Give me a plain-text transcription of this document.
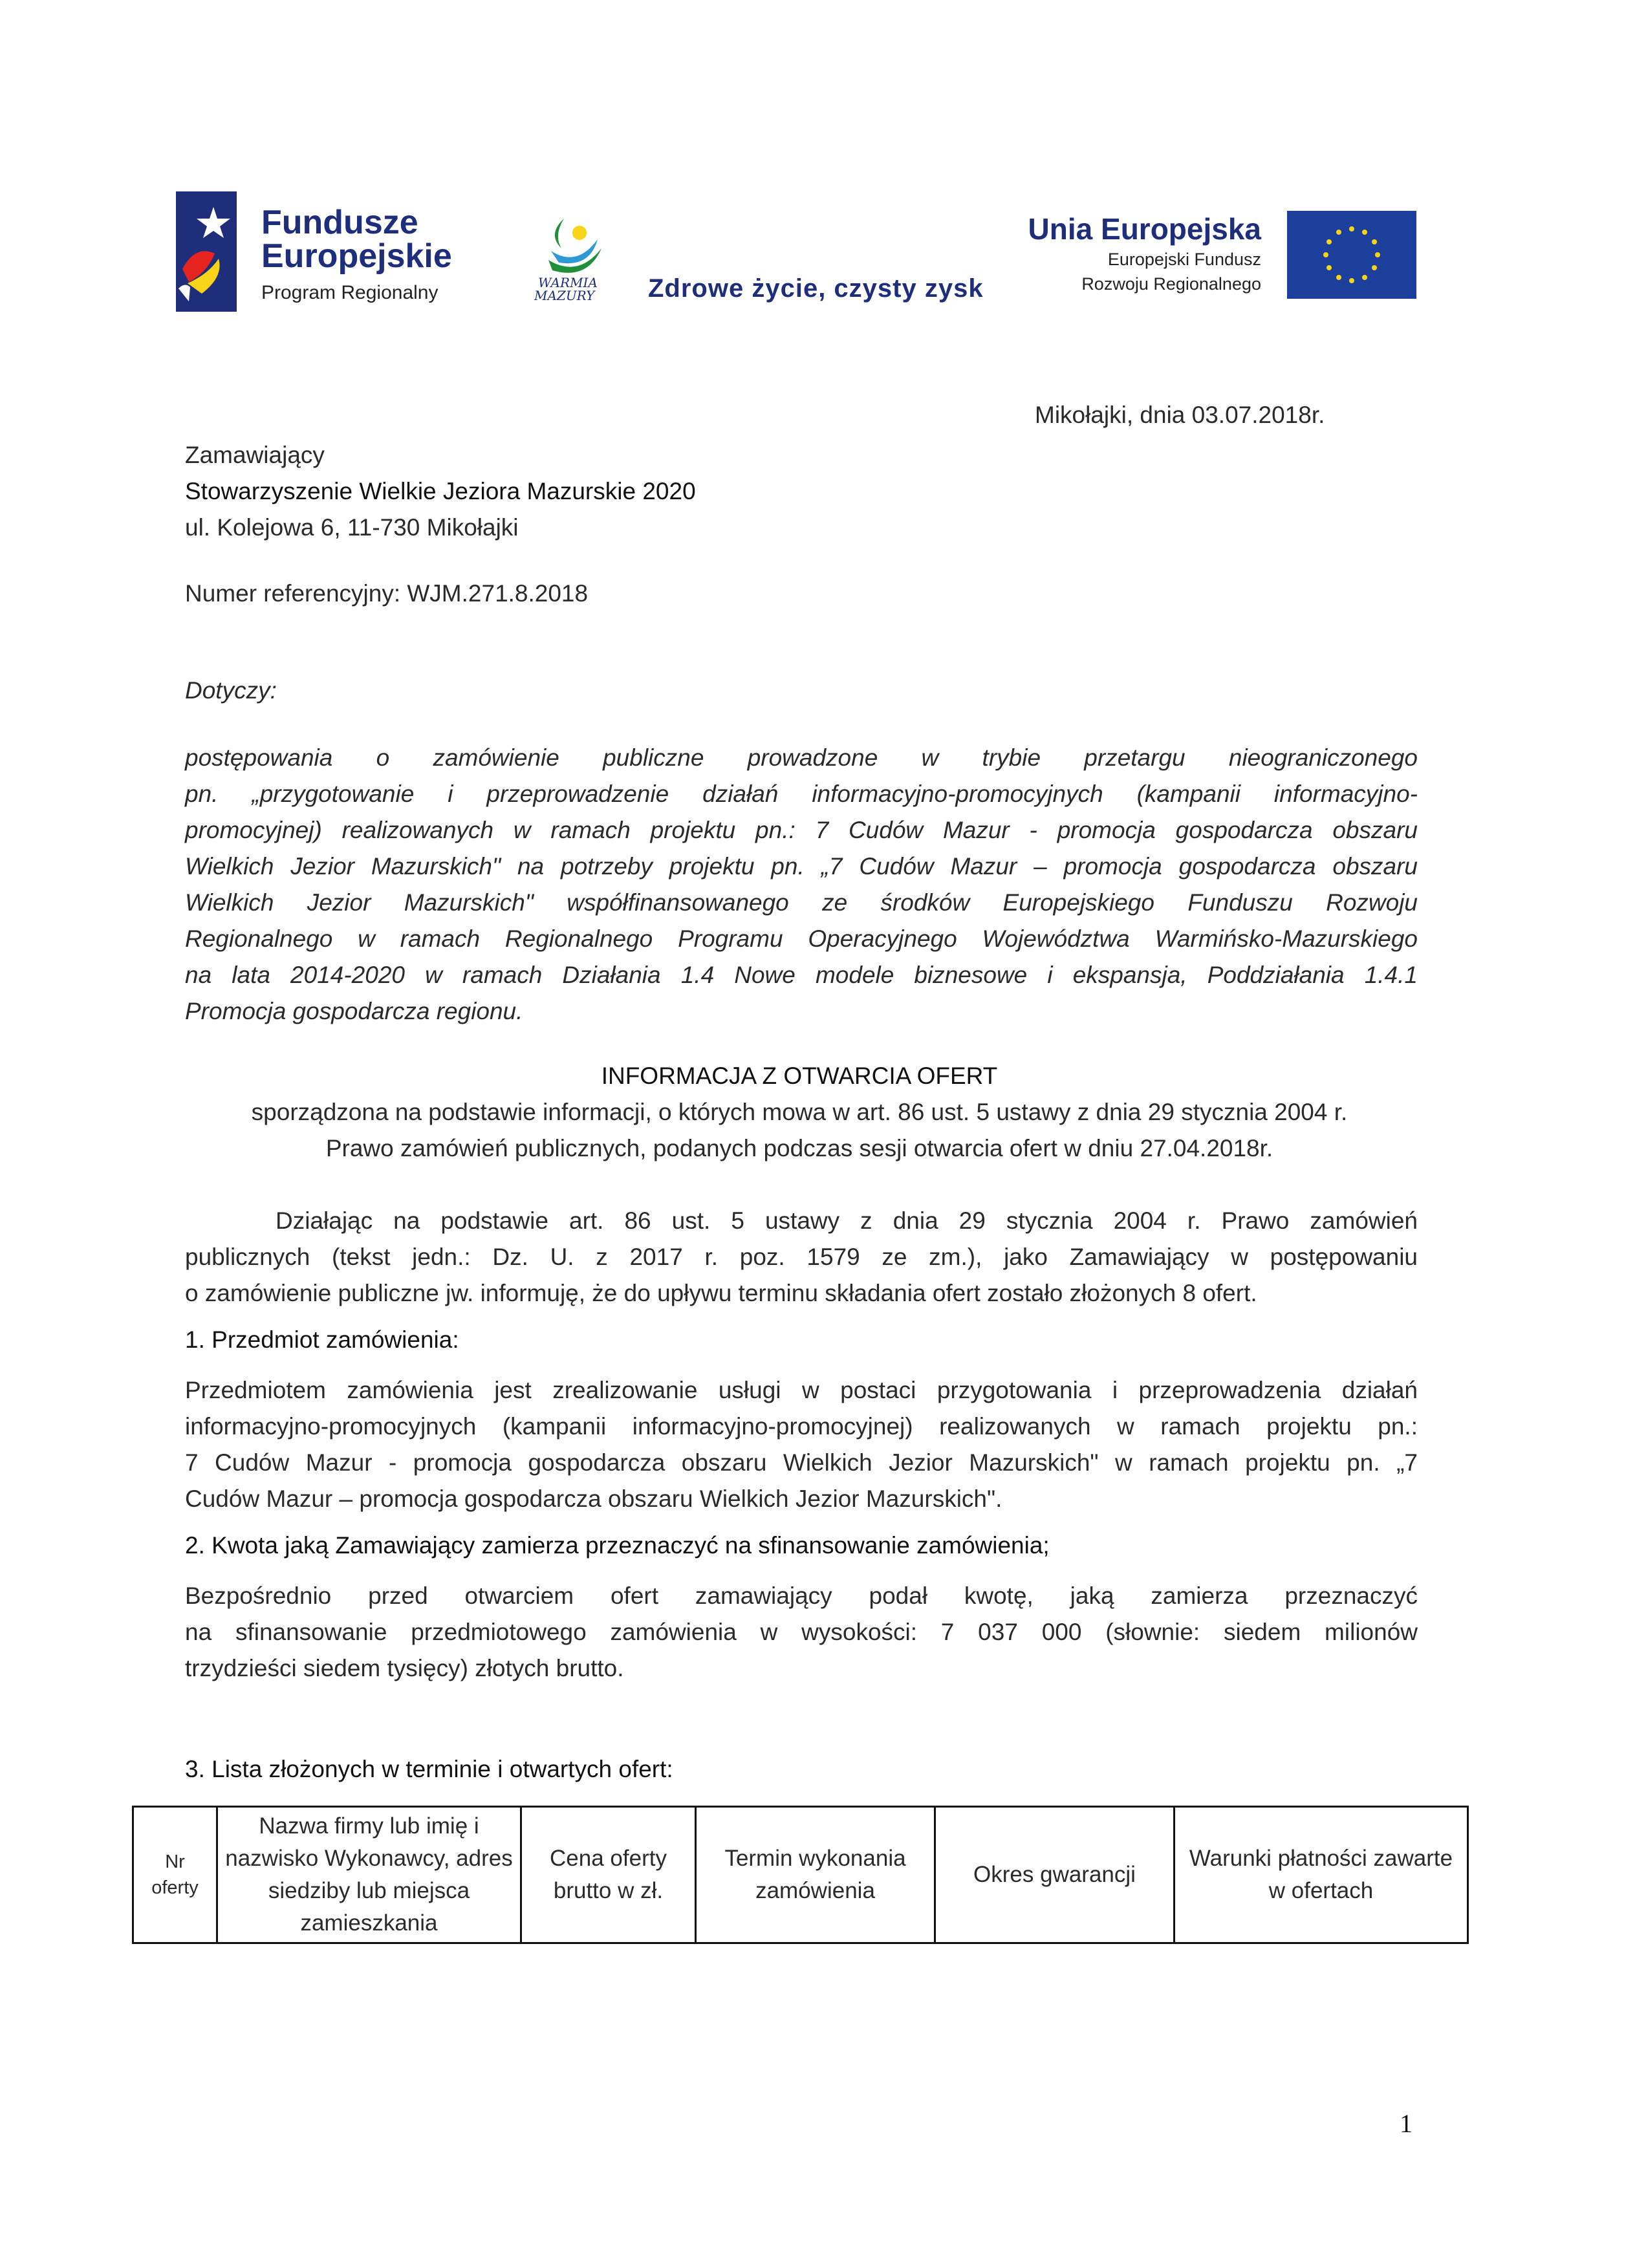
Fundusze
Europejskie
Program Regionalny	WARMIA
MAZURY Zdrowe życie, czysty zysk
Unia Europejska
Europejski Fundusz
Rozwoju Regionalnego
Mikołajki, dnia 03.07.2018r.
Zamawiający
Stowarzyszenie Wielkie Jeziora Mazurskie 2020
ul. Kolejowa 6, 11-730 Mikołajki
Numer referencyjny: WJM.271.8.2018
Dotyczy:
postępowania o zamówienie publiczne prowadzone w trybie przetargu nieograniczonego
pn. „przygotowanie i przeprowadzenie działań informacyjno-promocyjnych (kampanii informacyjno-
promocyjnej) realizowanych w ramach projektu pn.: 7 Cudów Mazur - promocja gospodarcza obszaru
Wielkich Jezior Mazurskich" na potrzeby projektu pn. „7 Cudów Mazur – promocja gospodarcza obszaru
Wielkich Jezior Mazurskich" współfinansowanego ze środków Europejskiego Funduszu Rozwoju
Regionalnego w ramach Regionalnego Programu Operacyjnego Województwa Warmińsko-Mazurskiego
na lata 2014-2020 w ramach Działania 1.4 Nowe modele biznesowe i ekspansja, Poddziałania 1.4.1
Promocja gospodarcza regionu.
INFORMACJA Z OTWARCIA OFERT
sporządzona na podstawie informacji, o których mowa w art. 86 ust. 5 ustawy z dnia 29 stycznia 2004 r.
Prawo zamówień publicznych, podanych podczas sesji otwarcia ofert w dniu 27.04.2018r.
Działając na podstawie art. 86 ust. 5 ustawy z dnia 29 stycznia 2004 r. Prawo zamówień
publicznych (tekst jedn.: Dz. U. z 2017 r. poz. 1579 ze zm.), jako Zamawiający w postępowaniu
o zamówienie publiczne jw. informuję, że do upływu terminu składania ofert zostało złożonych 8 ofert.
1. Przedmiot zamówienia:
Przedmiotem zamówienia jest zrealizowanie usługi w postaci przygotowania i przeprowadzenia działań
informacyjno-promocyjnych (kampanii informacyjno-promocyjnej) realizowanych w ramach projektu pn.:
7 Cudów Mazur - promocja gospodarcza obszaru Wielkich Jezior Mazurskich" w ramach projektu pn. „7
Cudów Mazur – promocja gospodarcza obszaru Wielkich Jezior Mazurskich".
2. Kwota jaką Zamawiający zamierza przeznaczyć na sfinansowanie zamówienia;
Bezpośrednio przed otwarciem ofert zamawiający podał kwotę, jaką zamierza przeznaczyć
na sfinansowanie przedmiotowego zamówienia w wysokości: 7 037 000 (słownie: siedem milionów
trzydzieści siedem tysięcy) złotych brutto.
3. Lista złożonych w terminie i otwartych ofert:
Nr oferty	Nazwa firmy lub imię i nazwisko Wykonawcy, adres siedziby lub miejsca zamieszkania	Cena oferty brutto w zł.	Termin wykonania zamówienia	Okres gwarancji	Warunki płatności zawarte w ofertach
1
